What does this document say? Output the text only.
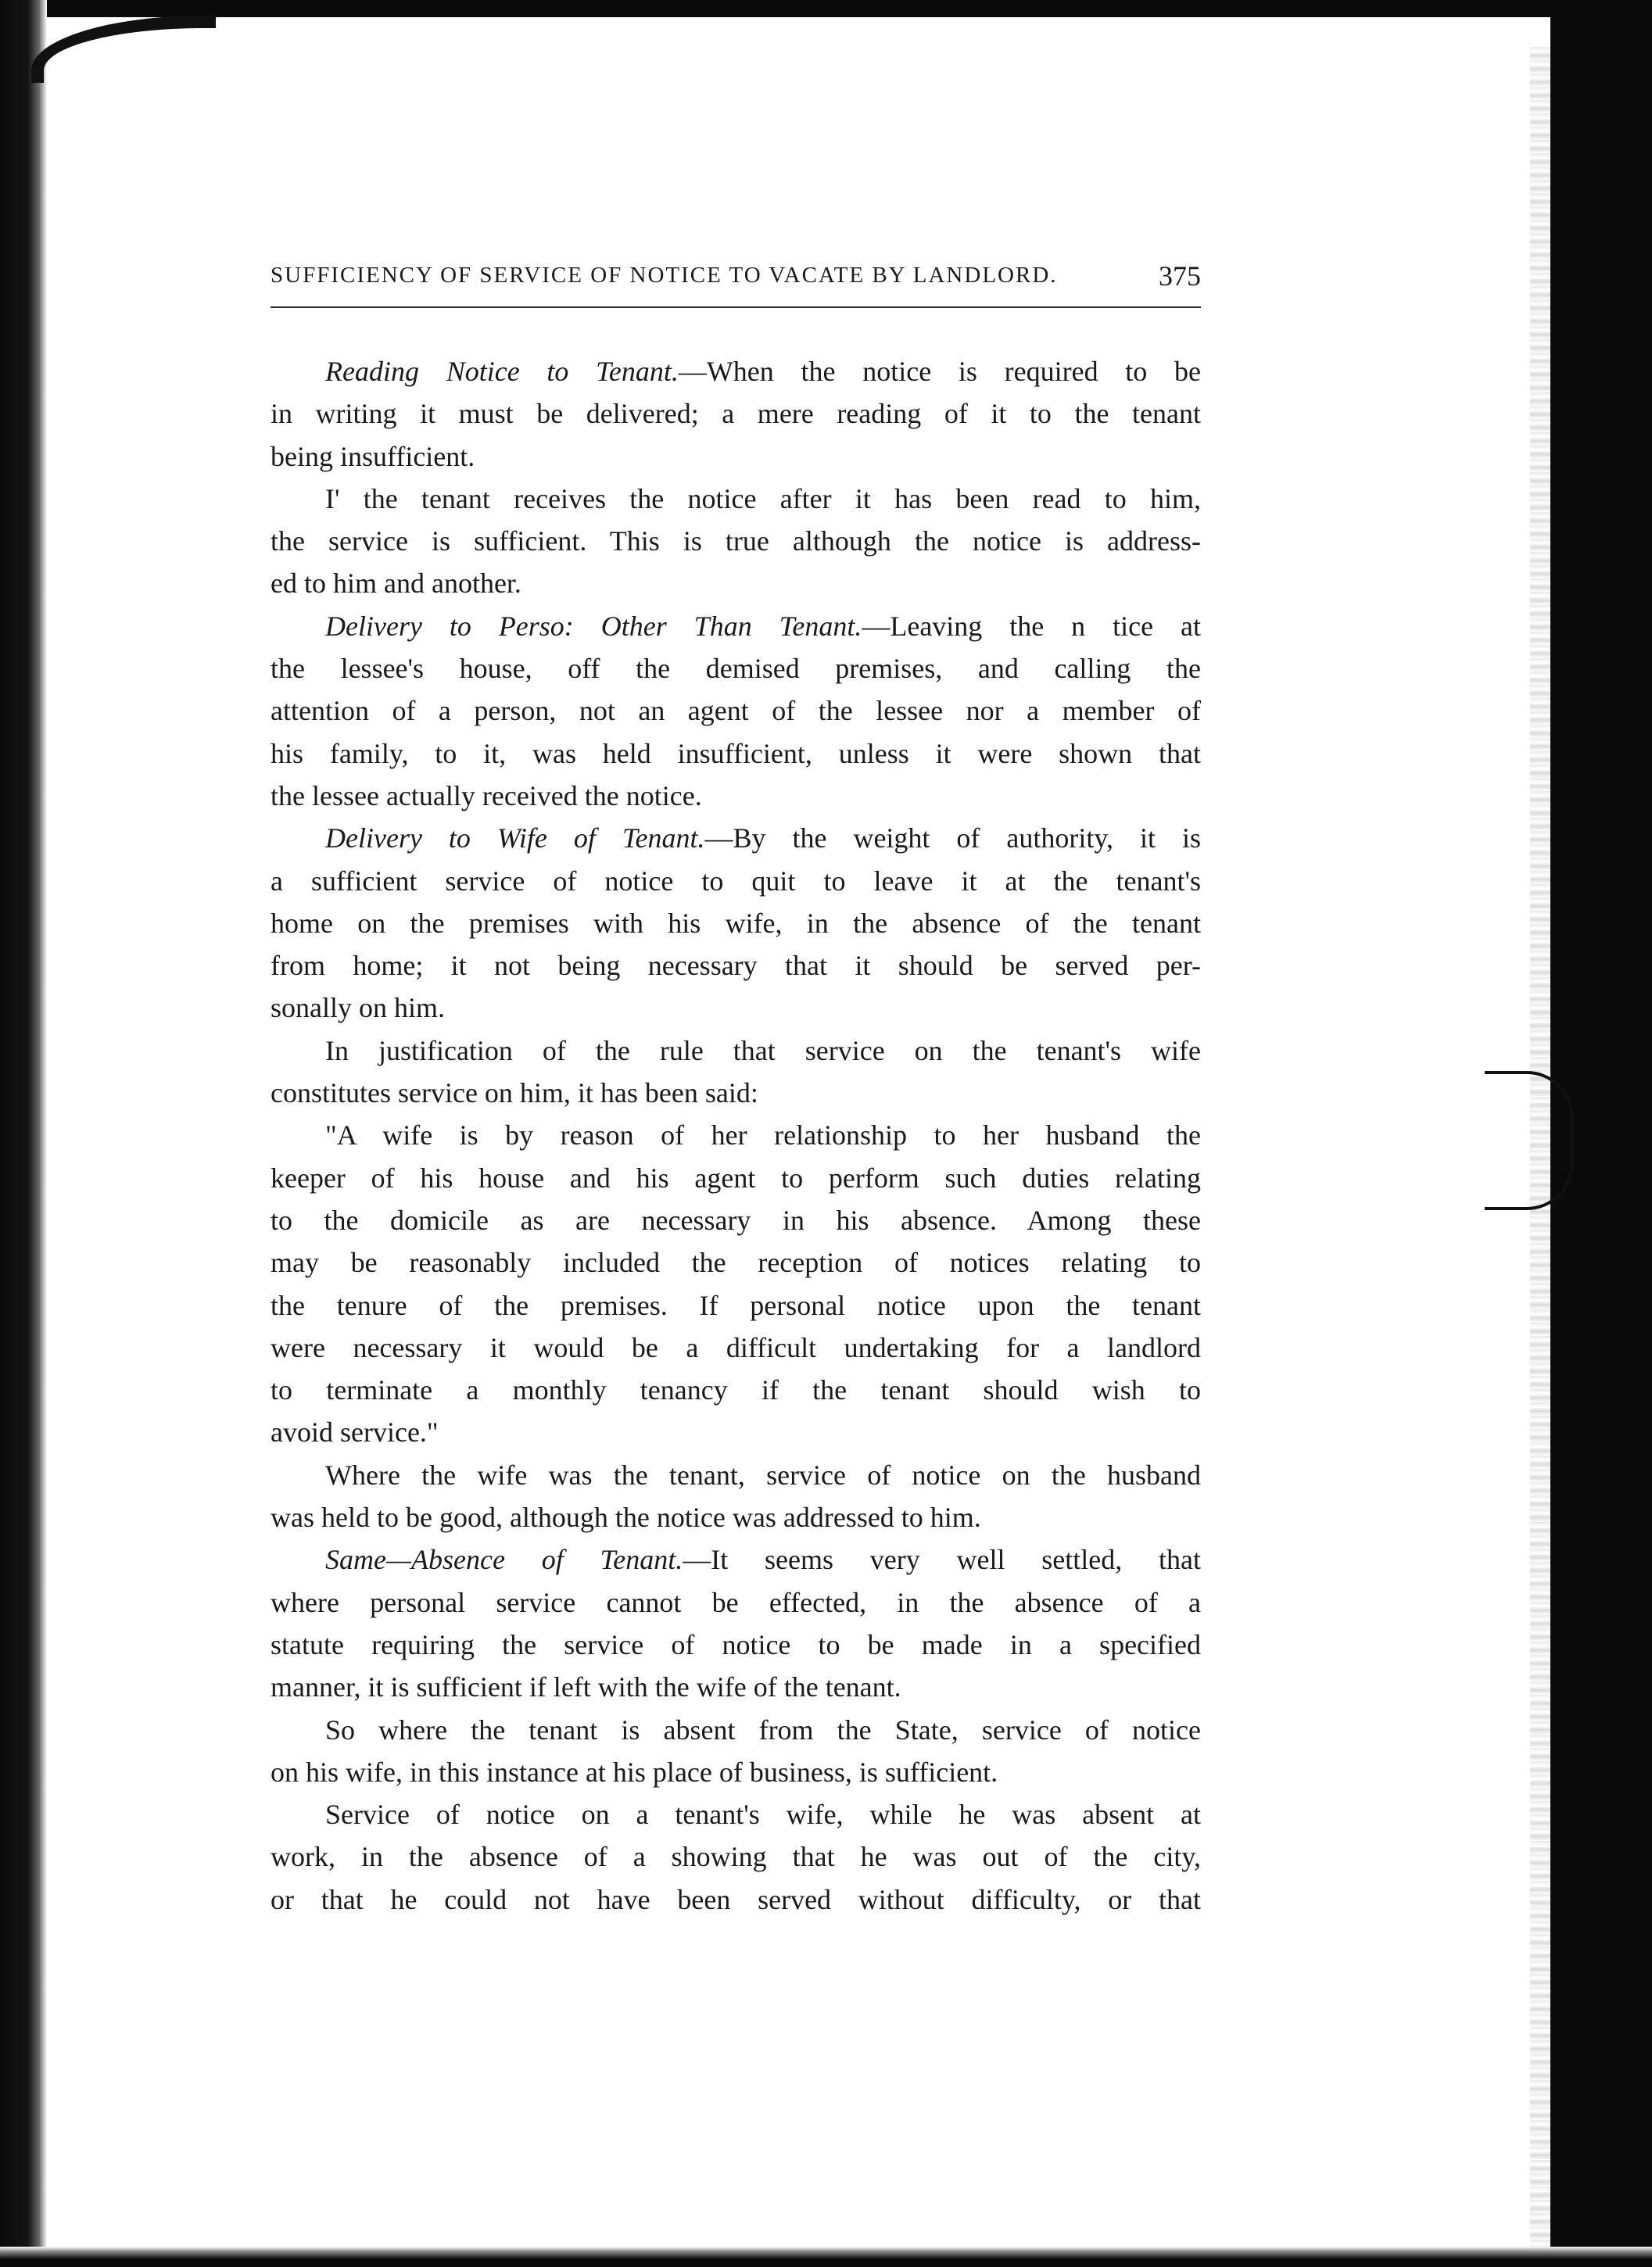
SUFFICIENCY OF SERVICE OF NOTICE TO VACATE BY LANDLORD.	375
Reading Notice to Tenant.—When the notice is required to be
in writing it must be delivered; a mere reading of it to the tenant
being insufficient.
I' the tenant receives the notice after it has been read to him,
the service is sufficient. This is true although the notice is address-
ed to him and another.
Delivery to Perso: Other Than Tenant.—Leaving the n tice at
the lessee's house, off the demised premises, and calling the
attention of a person, not an agent of the lessee nor a member of
his family, to it, was held insufficient, unless it were shown that
the lessee actually received the notice.
Delivery to Wife of Tenant.—By the weight of authority, it is
a sufficient service of notice to quit to leave it at the tenant's
home on the premises with his wife, in the absence of the tenant
from home; it not being necessary that it should be served per-
sonally on him.
In justification of the rule that service on the tenant's wife
constitutes service on him, it has been said:
"A wife is by reason of her relationship to her husband the
keeper of his house and his agent to perform such duties relating
to the domicile as are necessary in his absence. Among these
may be reasonably included the reception of notices relating to
the tenure of the premises. If personal notice upon the tenant
were necessary it would be a difficult undertaking for a landlord
to terminate a monthly tenancy if the tenant should wish to
avoid service."
Where the wife was the tenant, service of notice on the husband
was held to be good, although the notice was addressed to him.
Same—Absence of Tenant.—It seems very well settled, that
where personal service cannot be effected, in the absence of a
statute requiring the service of notice to be made in a specified
manner, it is sufficient if left with the wife of the tenant.
So where the tenant is absent from the State, service of notice
on his wife, in this instance at his place of business, is sufficient.
Service of notice on a tenant's wife, while he was absent at
work, in the absence of a showing that he was out of the city,
or that he could not have been served without difficulty, or that
